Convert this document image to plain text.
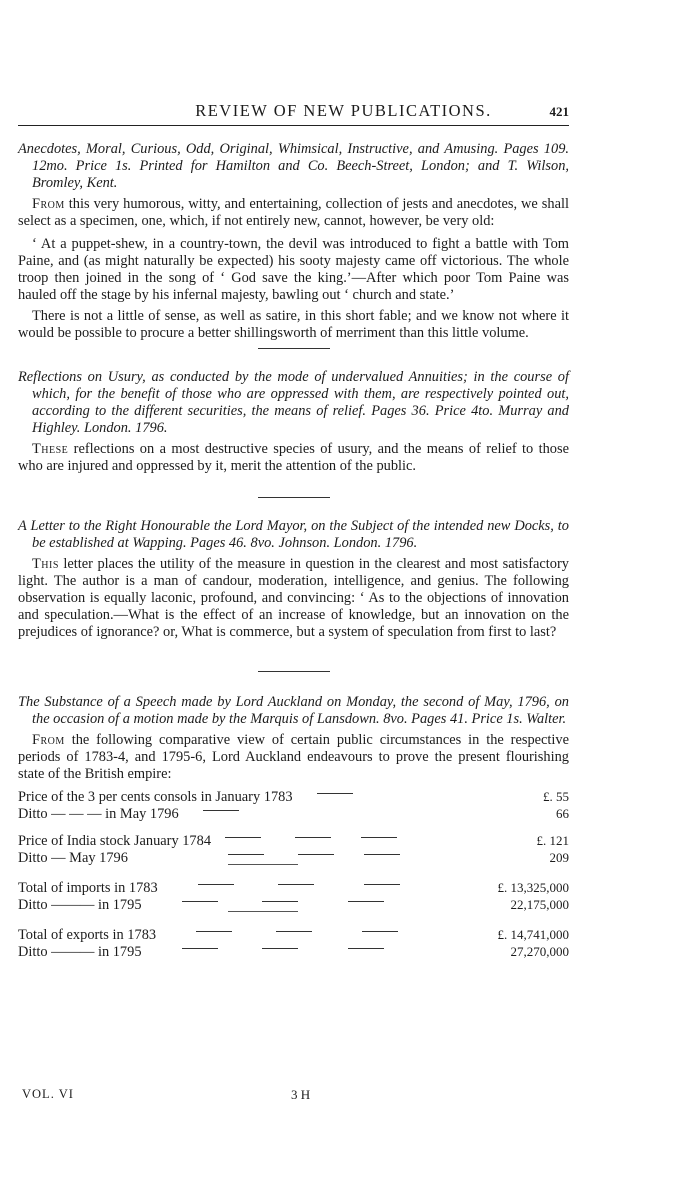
REVIEW OF NEW PUBLICATIONS.	421
Anecdotes, Moral, Curious, Odd, Original, Whimsical, Instructive, and Amusing. Pages 109. 12mo. Price 1s. Printed for Hamilton and Co. Beech-Street, London; and T. Wilson, Bromley, Kent.

From this very humorous, witty, and entertaining, collection of jests and anecdotes, we shall select as a specimen, one, which, if not entirely new, cannot, however, be very old:

‘ At a puppet-shew, in a country-town, the devil was introduced to fight a battle with Tom Paine, and (as might naturally be expected) his sooty majesty came off victorious. The whole troop then joined in the song of ‘ God save the king.’—After which poor Tom Paine was hauled off the stage by his infernal majesty, bawling out ‘ church and state.’

There is not a little of sense, as well as satire, in this short fable; and we know not where it would be possible to procure a better shillingsworth of merriment than this little volume.

Reflections on Usury, as conducted by the mode of undervalued Annuities; in the course of which, for the benefit of those who are oppressed with them, are respectively pointed out, according to the different securities, the means of relief. Pages 36. Price 4to. Murray and Highley. London. 1796.

These reflections on a most destructive species of usury, and the means of relief to those who are injured and oppressed by it, merit the attention of the public.

A Letter to the Right Honourable the Lord Mayor, on the Subject of the intended new Docks, to be established at Wapping. Pages 46. 8vo. Johnson. London. 1796.

This letter places the utility of the measure in question in the clearest and most satisfactory light. The author is a man of candour, moderation, intelligence, and genius. The following observation is equally laconic, profound, and convincing: ‘ As to the objections of innovation and speculation.—What is the effect of an increase of knowledge, but an innovation on the prejudices of ignorance? or, What is commerce, but a system of speculation from first to last?

The Substance of a Speech made by Lord Auckland on Monday, the second of May, 1796, on the occasion of a motion made by the Marquis of Lansdown. 8vo. Pages 41. Price 1s. Walter.

From the following comparative view of certain public circumstances in the respective periods of 1783-4, and 1795-6, Lord Auckland endeavours to prove the present flourishing state of the British empire:

Price of the 3 per cents consols in January 1783	£. 55
Ditto — — — in May 1796	66
Price of India stock January 1784	£. 121
Ditto — May 1796	209
Total of imports in 1783	£. 13,325,000
Ditto ——— in 1795	22,175,000
Total of exports in 1783	£. 14,741,000
Ditto ——— in 1795	27,270,000
VOL. VI	3 H
